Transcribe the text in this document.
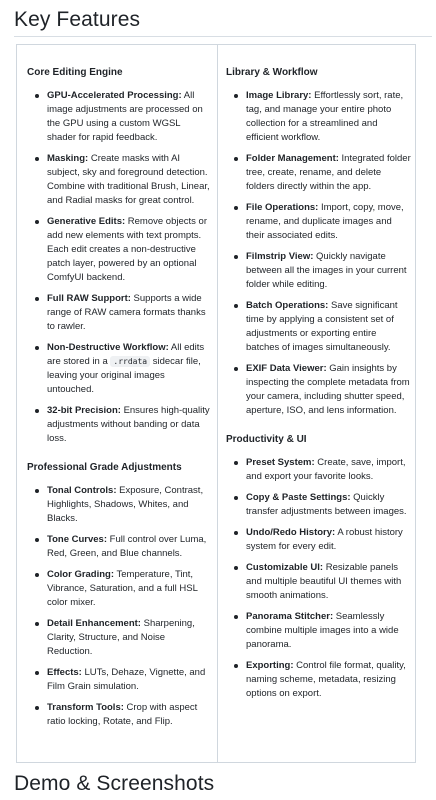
Key Features
Core Editing Engine
GPU-Accelerated Processing: All image adjustments are processed on the GPU using a custom WGSL shader for rapid feedback.
Masking: Create masks with AI subject, sky and foreground detection. Combine with traditional Brush, Linear, and Radial masks for great control.
Generative Edits: Remove objects or add new elements with text prompts. Each edit creates a non-destructive patch layer, powered by an optional ComfyUI backend.
Full RAW Support: Supports a wide range of RAW camera formats thanks to rawler.
Non-Destructive Workflow: All edits are stored in a .rrdata sidecar file, leaving your original images untouched.
32-bit Precision: Ensures high-quality adjustments without banding or data loss.
Professional Grade Adjustments
Tonal Controls: Exposure, Contrast, Highlights, Shadows, Whites, and Blacks.
Tone Curves: Full control over Luma, Red, Green, and Blue channels.
Color Grading: Temperature, Tint, Vibrance, Saturation, and a full HSL color mixer.
Detail Enhancement: Sharpening, Clarity, Structure, and Noise Reduction.
Effects: LUTs, Dehaze, Vignette, and Film Grain simulation.
Transform Tools: Crop with aspect ratio locking, Rotate, and Flip.
Library & Workflow
Image Library: Effortlessly sort, rate, tag, and manage your entire photo collection for a streamlined and efficient workflow.
Folder Management: Integrated folder tree, create, rename, and delete folders directly within the app.
File Operations: Import, copy, move, rename, and duplicate images and their associated edits.
Filmstrip View: Quickly navigate between all the images in your current folder while editing.
Batch Operations: Save significant time by applying a consistent set of adjustments or exporting entire batches of images simultaneously.
EXIF Data Viewer: Gain insights by inspecting the complete metadata from your camera, including shutter speed, aperture, ISO, and lens information.
Productivity & UI
Preset System: Create, save, import, and export your favorite looks.
Copy & Paste Settings: Quickly transfer adjustments between images.
Undo/Redo History: A robust history system for every edit.
Customizable UI: Resizable panels and multiple beautiful UI themes with smooth animations.
Panorama Stitcher: Seamlessly combine multiple images into a wide panorama.
Exporting: Control file format, quality, naming scheme, metadata, resizing options on export.
Demo & Screenshots
